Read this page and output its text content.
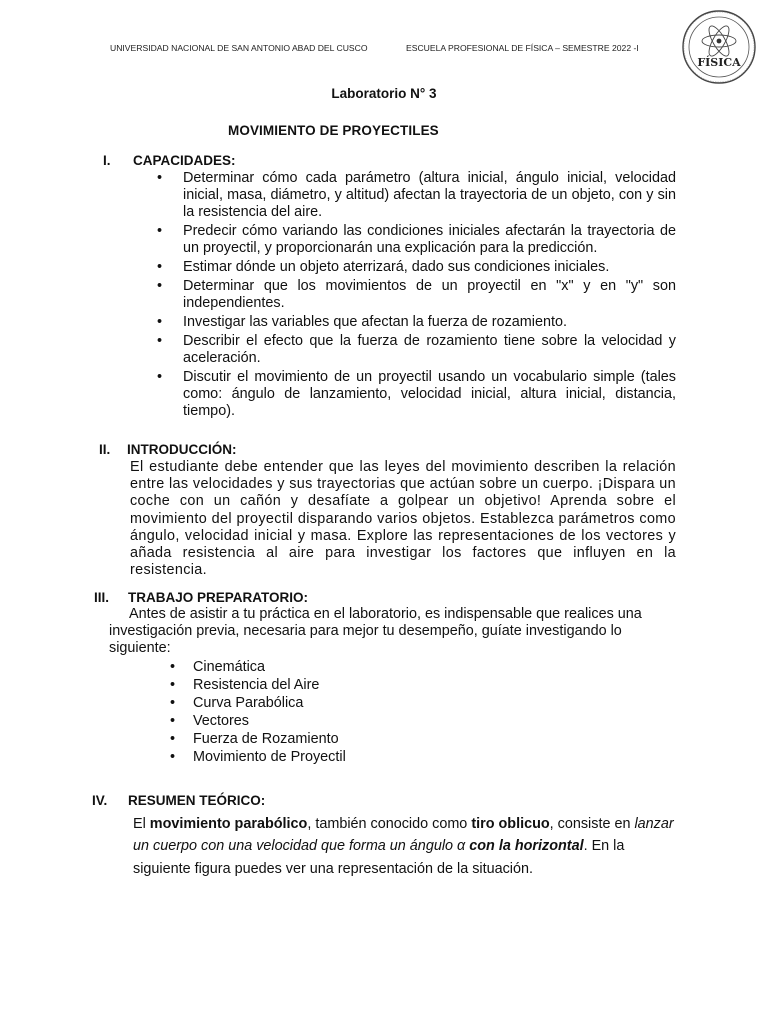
UNIVERSIDAD NACIONAL DE SAN ANTONIO ABAD DEL CUSCO	ESCUELA PROFESIONAL DE FÍSICA – SEMESTRE 2022 -I
FÍSICA
Laboratorio N° 3
MOVIMIENTO DE PROYECTILES
I. CAPACIDADES:
• Determinar cómo cada parámetro (altura inicial, ángulo inicial, velocidad inicial, masa, diámetro, y altitud) afectan la trayectoria de un objeto, con y sin la resistencia del aire.
• Predecir cómo variando las condiciones iniciales afectarán la trayectoria de un proyectil, y proporcionarán una explicación para la predicción.
• Estimar dónde un objeto aterrizará, dado sus condiciones iniciales.
• Determinar que los movimientos de un proyectil en "x" y en "y" son independientes.
• Investigar las variables que afectan la fuerza de rozamiento.
• Describir el efecto que la fuerza de rozamiento tiene sobre la velocidad y aceleración.
• Discutir el movimiento de un proyectil usando un vocabulario simple (tales como: ángulo de lanzamiento, velocidad inicial, altura inicial, distancia, tiempo).
II. INTRODUCCIÓN:

El estudiante debe entender que las leyes del movimiento describen la relación entre las velocidades y sus trayectorias que actúan sobre un cuerpo. ¡Dispara un coche con un cañón y desafíate a golpear un objetivo! Aprenda sobre el movimiento del proyectil disparando varios objetos. Establezca parámetros como ángulo, velocidad inicial y masa. Explore las representaciones de los vectores y añada resistencia al aire para investigar los factores que influyen en la resistencia.

III. TRABAJO PREPARATORIO:

Antes de asistir a tu práctica en el laboratorio, es indispensable que realices una investigación previa, necesaria para mejor tu desempeño, guíate investigando lo siguiente:

• Cinemática
• Resistencia del Aire
• Curva Parabólica
• Vectores
• Fuerza de Rozamiento
• Movimiento de Proyectil
IV. RESUMEN TEÓRICO:

El movimiento parabólico, también conocido como tiro oblicuo, consiste en lanzar un cuerpo con una velocidad que forma un ángulo α con la horizontal. En la siguiente figura puedes ver una representación de la situación.
